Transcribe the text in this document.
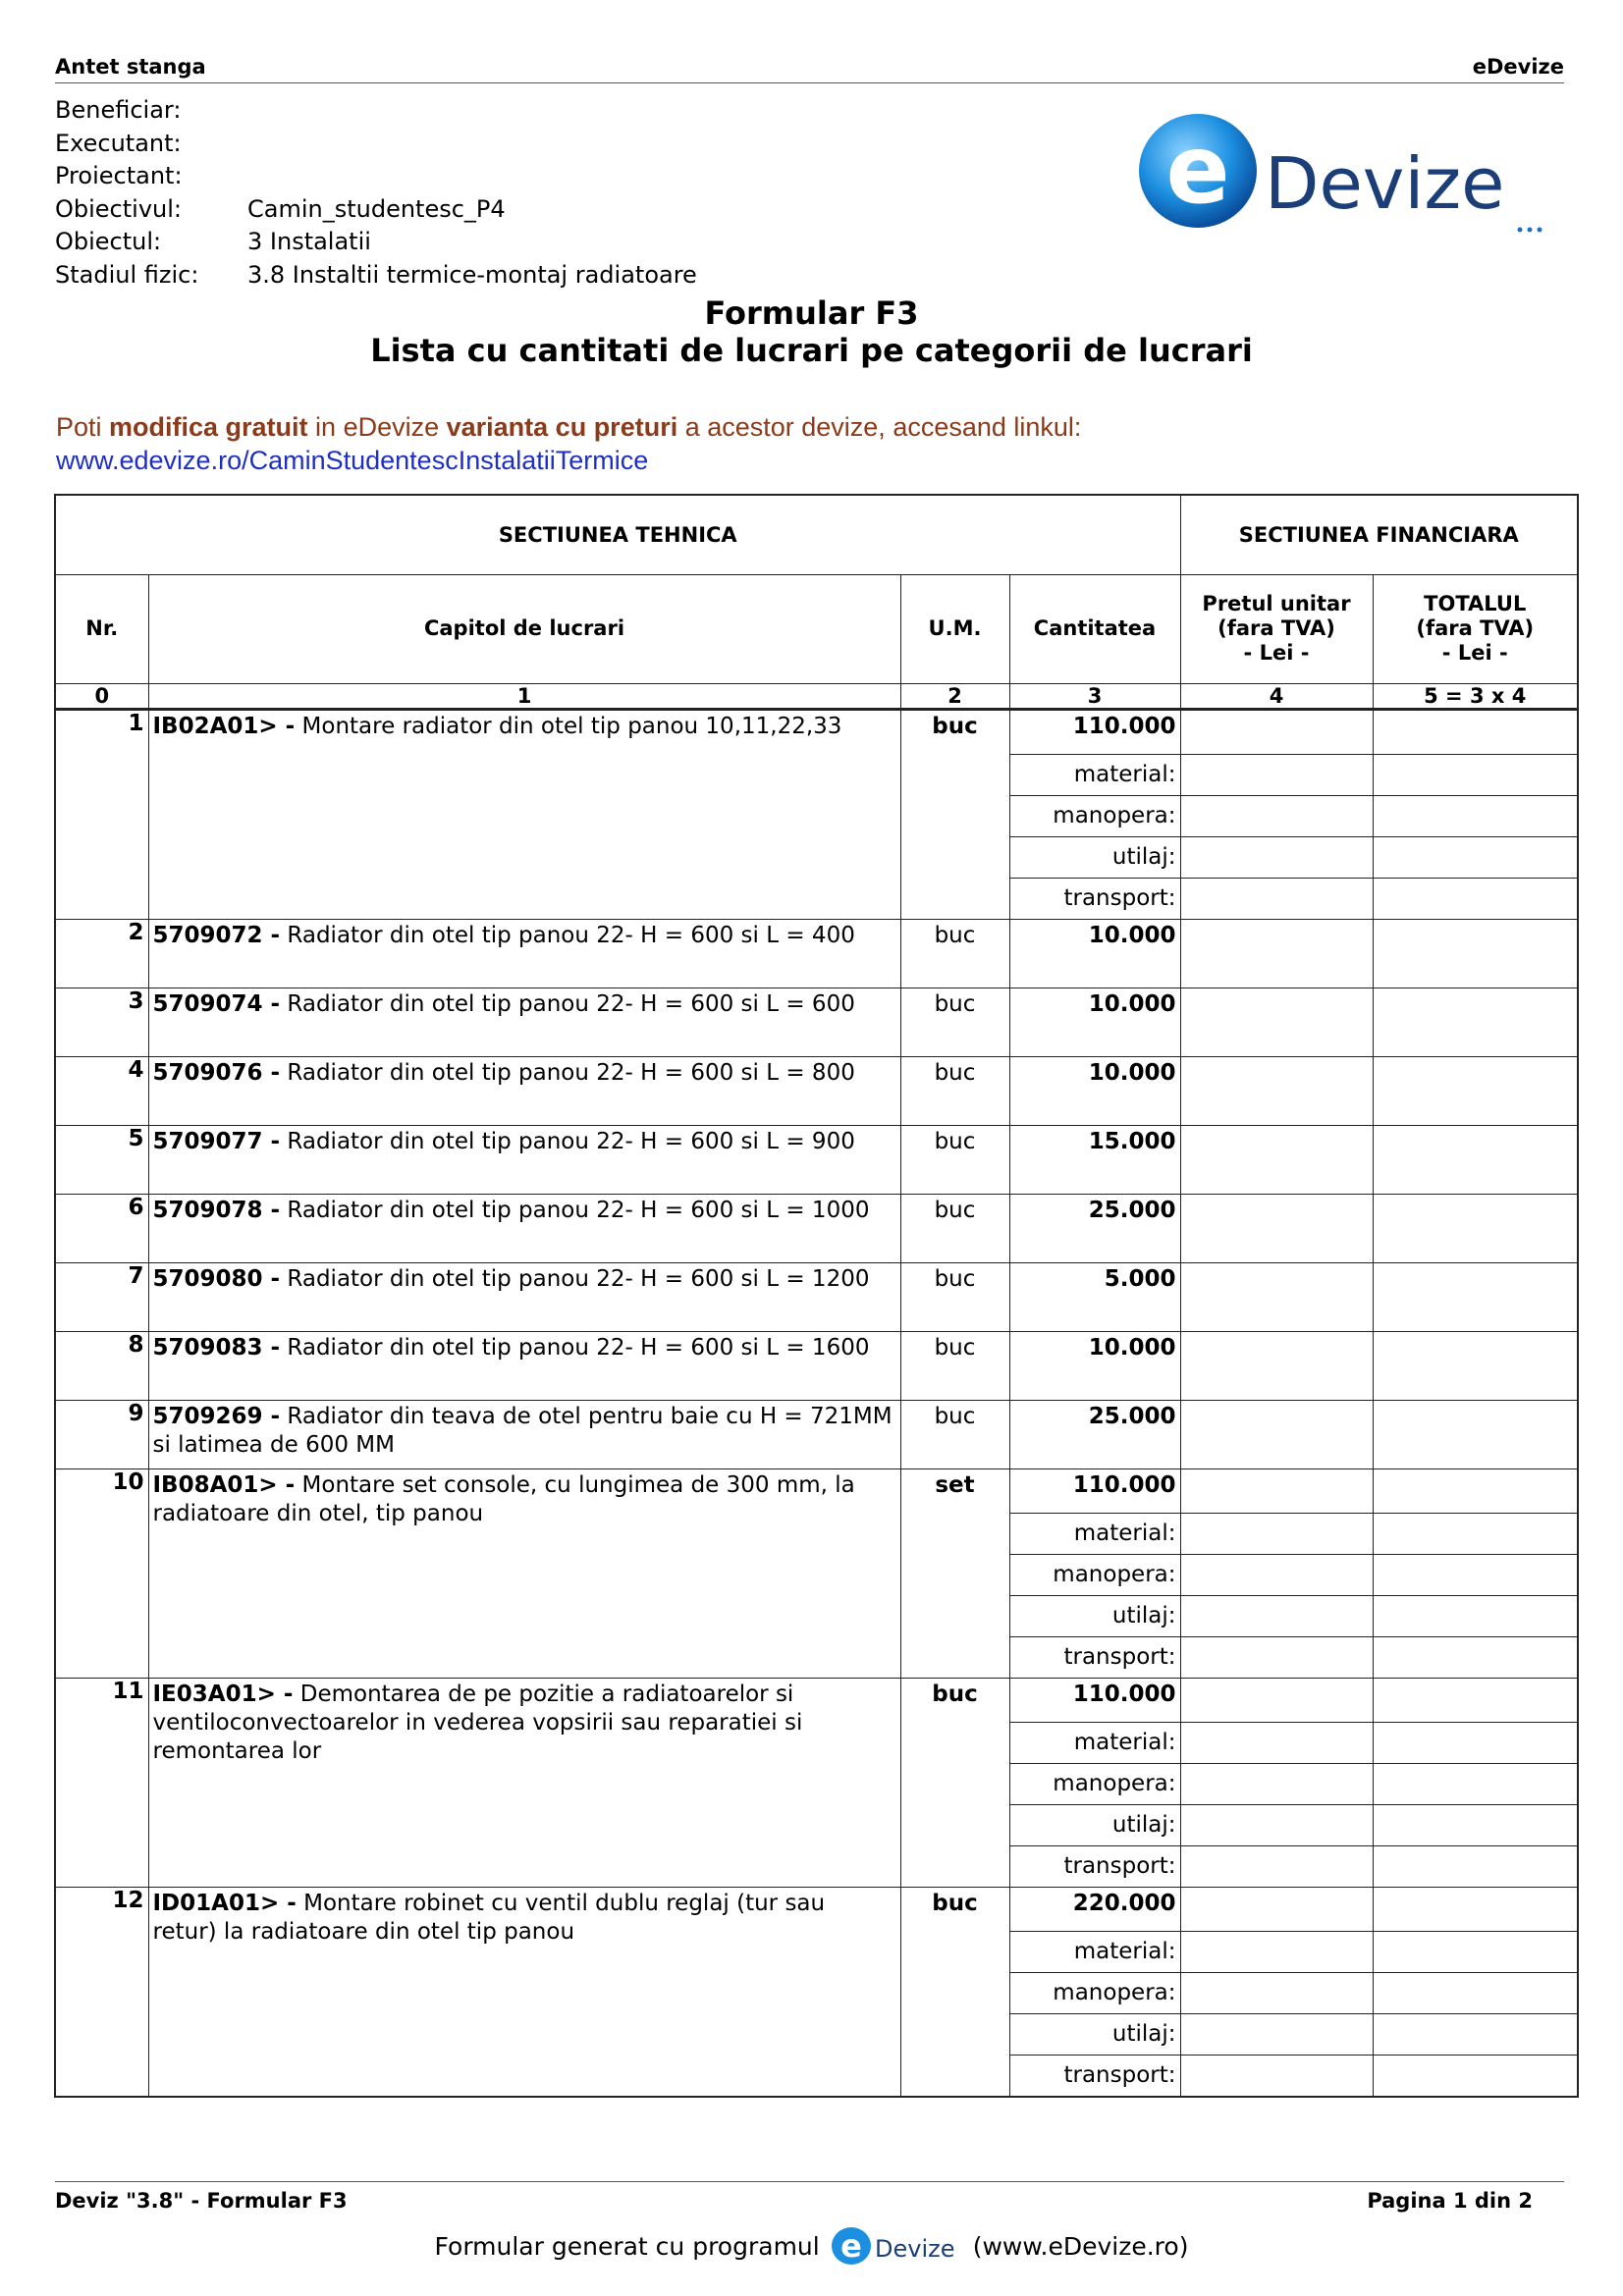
Antet stanga	eDevize
Beneficiar:
Executant:
Proiectant:
Obiectivul:	Camin_studentesc_P4
Obiectul:	3 Instalatii
Stadiul fizic:	3.8 Instaltii termice-montaj radiatoare
e Devize
Formular F3
Lista cu cantitati de lucrari pe categorii de lucrari
Poti modifica gratuit in eDevize varianta cu preturi a acestor devize, accesand linkul:
www.edevize.ro/CaminStudentescInstalatiiTermice
SECTIUNEA TEHNICA				SECTIUNEA FINANCIARA	
Nr.	Capitol de lucrari	U.M.	Cantitatea	Pretul unitar
(fara TVA)
- Lei -	TOTALUL
(fara TVA)
- Lei -
0	1	2	3	4	5 = 3 x 4
1	IB02A01> - Montare radiator din otel tip panou 10,11,22,33	buc	110.000		
			material:		
			manopera:		
			utilaj:		
			transport:		
2	5709072 - Radiator din otel tip panou 22- H = 600 si L = 400	buc	10.000		
3	5709074 - Radiator din otel tip panou 22- H = 600 si L = 600	buc	10.000		
4	5709076 - Radiator din otel tip panou 22- H = 600 si L = 800	buc	10.000		
5	5709077 - Radiator din otel tip panou 22- H = 600 si L = 900	buc	15.000		
6	5709078 - Radiator din otel tip panou 22- H = 600 si L = 1000	buc	25.000		
7	5709080 - Radiator din otel tip panou 22- H = 600 si L = 1200	buc	5.000		
8	5709083 - Radiator din otel tip panou 22- H = 600 si L = 1600	buc	10.000		
9	5709269 - Radiator din teava de otel pentru baie cu H = 721MM si latimea de 600 MM	buc	25.000		
10	IB08A01> - Montare set console, cu lungimea de 300 mm, la radiatoare din otel, tip panou	set	110.000		
			material:		
			manopera:		
			utilaj:		
			transport:		
11	IE03A01> - Demontarea de pe pozitie a radiatoarelor si ventiloconvectoarelor in vederea vopsirii sau reparatiei si remontarea lor	buc	110.000		
			material:		
			manopera:		
			utilaj:		
			transport:		
12	ID01A01> - Montare robinet cu ventil dublu reglaj (tur sau retur) la radiatoare din otel tip panou	buc	220.000		
			material:		
			manopera:		
			utilaj:		
			transport:		
Deviz "3.8" - Formular F3	Pagina 1 din 2
Formular generat cu programul e Devize (www.eDevize.ro)
